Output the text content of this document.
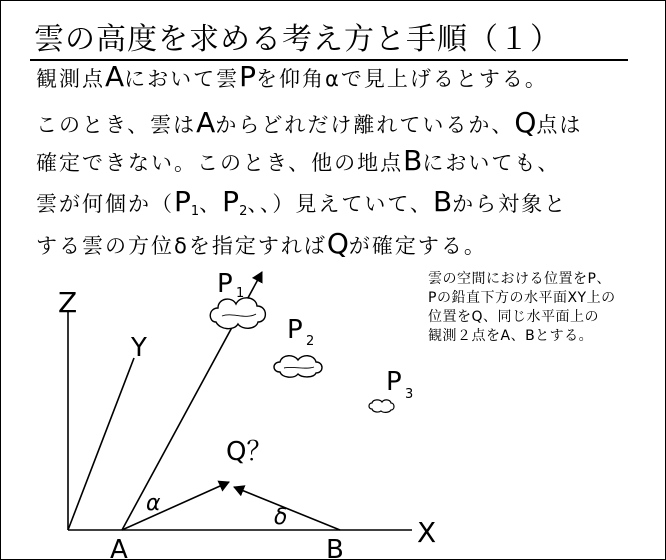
雲の高度を求める考え方と手順（１）
観測点Aにおいて雲Pを仰角αで見上げるとする。
このとき、雲はAからどれだけ離れているか、Q点は
確定できない。このとき、他の地点Bにおいても、
雲が何個か（$P_1$、$P_2$、、）見えていて、Bから対象と
する雲の方位δを指定すればQが確定する。
雲の空間における位置をP、
Pの鉛直下方の水平面XY上の
位置をQ、同じ水平面上の
観測２点をA、Bとする。
Z
Y
X
A	B
P 1
P 2
P 3
Q？
α
δ
